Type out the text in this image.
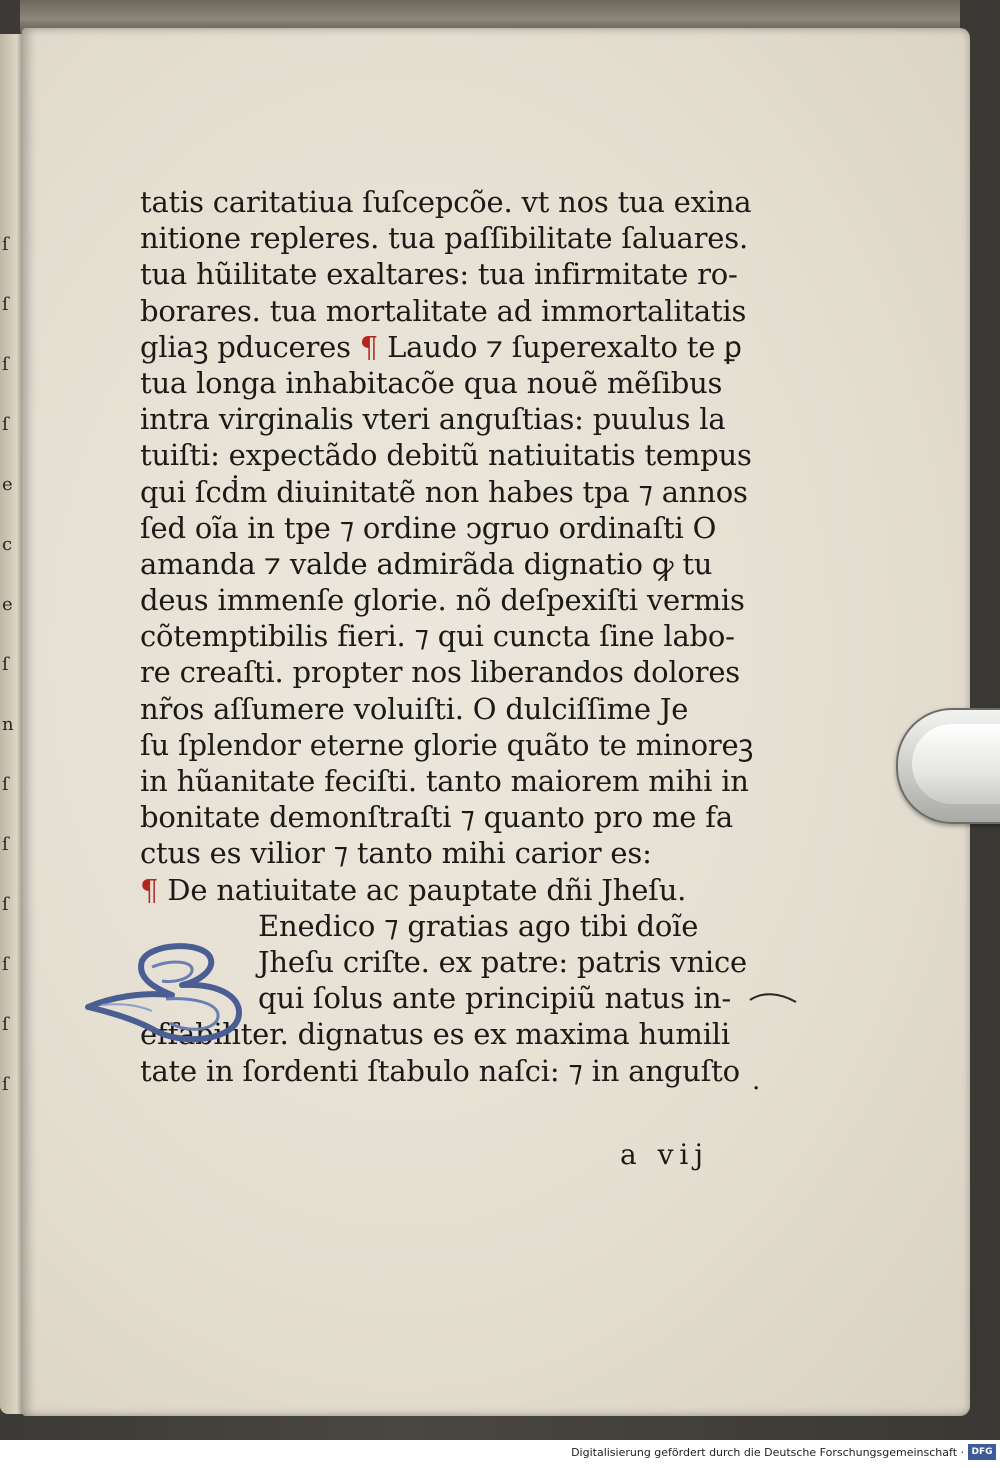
ſ
ſ
ſ
ſ
e
c
e
ſ
n
ſ
ſ
ſ
ſ
ſ
ſ
tatis caritatiua ſuſcepcõe. vt nos tua exina
nitione repleres. tua paſſibilitate ſaluares.
tua hũilitate exaltares: tua infirmitate ro-
borares. tua mortalitate ad immortalitatis
gliaꝫ pduceres ¶ Laudo ⁊ ſuperexalto te ꝑ
tua longa inhabitacõe qua nouẽ mẽſibus
intra virginalis vteri anguſtias: puulus la
tuiſti: expectãdo debitũ natiuitatis tempus
qui ſcḋm diuinitatẽ non habes tpa ⁊ annos
ſed oĩa in tpe ⁊ ordine ↄgruo ordinaſti O
amanda ⁊ valde admirãda dignatio ꝙ tu
deus immenſe glorie. nõ deſpexiſti vermis
cõtemptibilis fieri. ⁊ qui cuncta ſine labo-
re creaſti. propter nos liberandos dolores
nr̃os aſſumere voluiſti. O dulciſſime Je
ſu ſplendor eterne glorie quãto te minoreꝫ
in hũanitate feciſti. tanto maiorem mihi in
bonitate demonſtraſti ⁊ quanto pro me fa
ctus es vilior ⁊ tanto mihi carior es:
¶ De natiuitate ac pauptate dñi Jheſu.
Enedico ⁊ gratias ago tibi doĩe
Jheſu criſte. ex patre: patris vnice
qui ſolus ante principiũ natus in-
effabiliter. dignatus es ex maxima humili
tate in ſordenti ſtabulo naſci: ⁊ in anguſto .
a vij
Digitalisierung gefördert durch die Deutsche Forschungsgemeinschaft · DFG
